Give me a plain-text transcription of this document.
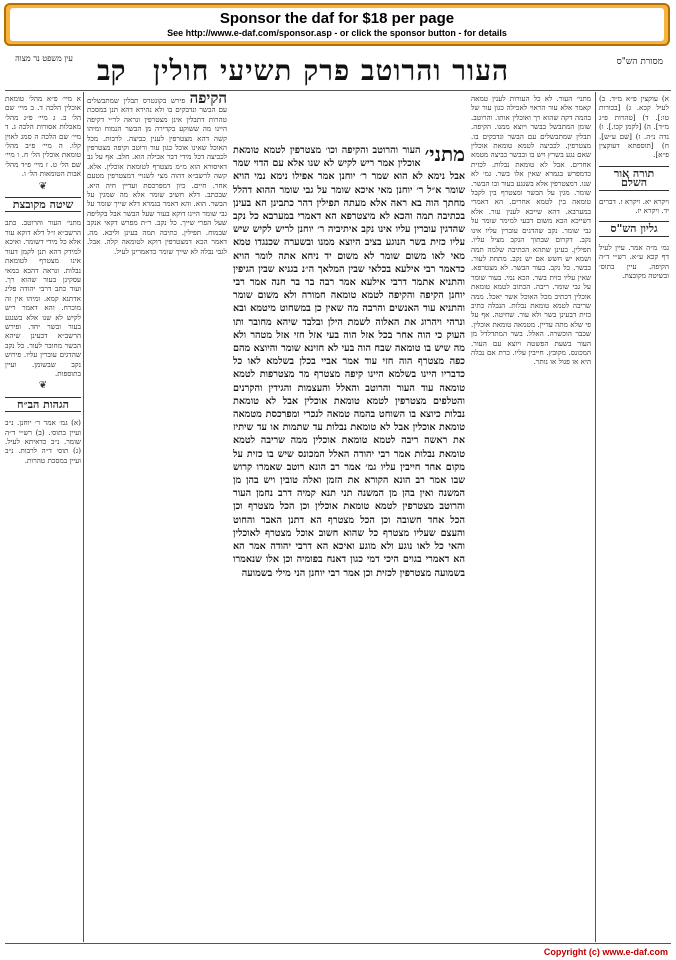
Sponsor the daf for $18 per page
See http://www.e-daf.com/sponsor.asp - or click the sponsor button - for details
עין משפט נר מצוה קב העור והרוטב פרק תשיעי חולין	מסורת הש"ס
א מיי׳ פ״א מהל׳ טומאת אוכלין הלכה ד. ב מיי׳ שם הל׳ ב. ג מיי׳ פ״ג מהל׳ מאכלות אסורות הלכה ג. ד מיי׳ שם הלכה ה סמג לאוין קלו. ה מיי׳ פ״ב מהל׳ טומאת אוכלין הל׳ ח. ו מיי׳ שם הל׳ ט. ז מיי׳ פ״ד מהל׳ אבות הטומאות הל׳ ו.
❦
שיטה מקובצת
מתני׳ העור והרוטב. כתב הרשב״א ז״ל דלא דוקא עור אלא כל מידי דשומר. ואיכא למידק דהא תנן לקמן דעור אינו מצטרף לטומאת נבלות. ונראה דהכא במאי עסקינן בעור שהוא רך. ועוד כתב דרבי יהודה פליג אדתנא קמא. ומיהו אין זה מוכרח. והא דאמר ריש לקיש לא שנו אלא בשנגע בעור ובשר יחד. ופירש הרשב״א דבעינן שיהא הבשר מחובר לעור. כל נקב שהדגים עוברין עליו. פירוש נקב שבשומן. ועיין בתוספות.
❦
הגהות הב״ח
(א) גמ׳ אמר ר׳ יוחנן. נ״ב ועיין בתוס׳. (ב) רש״י ד״ה שומר. נ״ב כדאיתא לעיל. (ג) תוס׳ ד״ה לרבות. נ״ב ועיין במסכת טהרות.
הקיפה פירש בקונטרס תבלין שמתבשלים עם הבשר ונדבקים בו ולא נהירא דהא תנן במסכת טהרות דתבלין אינן מצטרפין ונראה לר״י דקיפה היינו מה ששוקע בקדירה מן הבשר הנמוח ומיהו קשה דהא מצטרפין לענין כביצה. לרבות. מכל האוכל שאינו אוכל כגון עור ורוטב וקיפה מצטרפין לכביצה דכל מידי דבר אכילה הוא. חלב. אף על גב דאיסורא הוא מ״מ מצטרף לטומאת אוכלין. אלא. קשה לרשב״א דהוה מצי לשנויי דמצטרפין מטעם אחר. חיים. כיון דמפרכסת ועדיין חיה היא. שבכתב. דלא חשיב שומר אלא מה שמגין על הבשר. הוא. והא דאמר בגמרא דלא שייך שומר על גבי שומר היינו דוקא בעור שעל הבשר אבל בקליפה שעל הפרי שייך. כל נקב. ר״ת מפרש דקאי אנקב שבמוח. תפילין. כתיבה תמה בעינן וליכא. מה. דאמר הכא דמצטרפין דוקא לטומאה קלה. אבל. לגבי נבלה לא שייך שומר כדאמרינן לעיל.
מתני׳
העור והרוטב והקיפה וכו׳ מצטרפין לטמא טומאת אוכלין אמר ריש לקיש לא שנו אלא עם הדוי שמר אבל נימא לא הוא שמר ר׳ יוחנן אמר אפילו נימא נמי הויא שומר א״ל ר׳ יוחנן מאי איכא שומר על גבי שומר ההוא דהלל מחתך הוה בא ראה אלא מעתה תפילין דהר כתבינן הא בעינן בכתיבה תמה והכא לא מיצטרפא הא דאמרי במערבא כל נקב שהדגין עוברין עליו אינו נקב איתיביה ר׳ יוחנן לריש לקיש שיש עליו כזית בשר הנוגע בציב היוצא ממנו ובשערה שכנגדו טמא מאי לאו משום שומר לא משום יד ניחא אתה לומר הויא כדאמר רבי אילעא בכלאי שבין המלאך ה״נ בגניא שבין הגיפין והתניא אתמר דרבי אילעא אמר רבה בר בר חנה אמר רבי יוחנן הקיפה והקיפה לטמא טומאה חמורה ולא משום שומר והתניא עור האנשים והרבה מה שאין כן במשחוט מיטמא ובא ונרהי ויהרוג את האלוה לשמת הילן ובלבד שיהא מחובר ותו העוק כי הוה אחר בכל אזל הוה בעי אזל חזי אזל מטהר ולא מה שיש בו טומאה שבח הוה בעי לא חזינא שומר והיוצא מהם כפה מצטרף הוה חזי עוד אמר אביי בכלן בשלמא לאו כל כדבריו היינו בשלמא היינו קיפה מצטרף מר מצטרפות לטמא טומאה עוד העור והרוטב והאלל והעצמות והגידין והקרנים והטלפים מצטרפין לטמא טומאת אוכלין אבל לא טומאת נבלות כיוצא בו השוחט בהמה טמאה לנכרי ומפרכסת מטמאה טומאת אוכלין אבל לא טומאת נבלות עד שתמות או עד שיתיז את ראשה ריבה לטמא טומאת אוכלין ממה שריבה לטמא טומאת נבלות אמר רבי יהודה האלל המכונס שיש בו כזית על מקום אחד חייבין עליו גמ׳ אמר רב הונא רוטב שאמרו קרוש שבו אמר רב הונא הקורא את הזמן ואלה טובין ויש בהן מן המשנה ואין בהן מן המשנה תני תנא קמיה דרב נחמן העור והרוטב מצטרפין לטמא טומאת אוכלין וכן הכל מצטרף וכן הכל אחד חשובה וכן הכל מצטרף הא דתנן האבר והחוט והעצם שעליו מצטרף כל שהוא חשוב אוכל מצטרף לאוכלין והאי כל לאו נוגע ולא מוגע ואיכא הא דרבי יהודה אמר הא הא דאמרי בגוים היכי דמי כגון דאנח בפומיה וכן אלו שנאמרו בשמועה מצטרפין לכזית וכן אמר רבי יוחנן הני מילי בשמועה
מתני׳ העור. לא כל העורות לענין טמאה קאמר אלא עור הראוי לאכילה כגון עור של בהמה דקה שהוא רך ואוכלין אותו. והרוטב. שומן המתבשל בבשר ויוצא ממנו. הקיפה. תבלין שמתבשלים עם הבשר ונדבקים בו. מצטרפין. לכביצה לטמא טומאת אוכלין שאם נגע בשרץ ויש בו ובבשר כביצה מטמא אחרים. אבל לא טומאת נבלות. לכזית כדמפרש בגמרא שאין אלו בשר. גמ׳ לא שנו. דמצטרפין אלא בשנגע בעור ובו הבשר. שומר. מגין על הבשר ומצטרף בין לקבל טומאה בין לטמא אחרים. הא דאמרי במערבא. דהא שייכא לענין עור. אלא דשייכא הכא משום דבעי למימר שומר על גבי שומר. נקב שהדגים עוברין עליו אינו נקב. דקרום שבתוך הנקב מציל עליו. תפילין. בעינן שתהא הכתיבה שלמה תמה ושמא יש חשש אם יש נקב. מתחת לעור. בבשר. כל נקב. בעור הבשר. לא מצטרפא. שאין עליו כזית בשר. הכא נמי. בעור שומר על גבי שומר. ריבה. הכתוב לטמא טומאת אוכלין דכתיב מכל האוכל אשר יאכל. ממה שריבה לטמא טומאת נבלות. הנבלה כתיב כזית דבעינן בשר ולא עור. שחיטה. אף על פי שלא מתה עדיין. מטמאה טומאת אוכלין. שכבר הוכשרה. האלל. בשר המתדלדל מן העור בשעת הפשטה ויוצא עם העור. המכונס. מקובץ. חייבין עליו. כרת אם נבלה היא או פגול או נותר.
א) עוקצין פ״א מ״ד. ב) לעיל קכא. ג) [בכורות טו:]. ד) [טהרות פ״ג מ״ד]. ה) [לקמן קכו.]. ו) נדה נ״ה. ז) [שם ע״ש]. ח) [תוספתא דעוקצין פ״א].
תורה אור השלם
ויקרא יא. ויקרא ז. דברים יד. ויקרא יז.
גליון הש"ס
גמ׳ מ״ה אמר. עיין לעיל דף קכא ע״א. רש״י ד״ה הקיפה. עיין בתוס׳ ובשיטה מקובצת.
Copyright (c) www.e-daf.com
